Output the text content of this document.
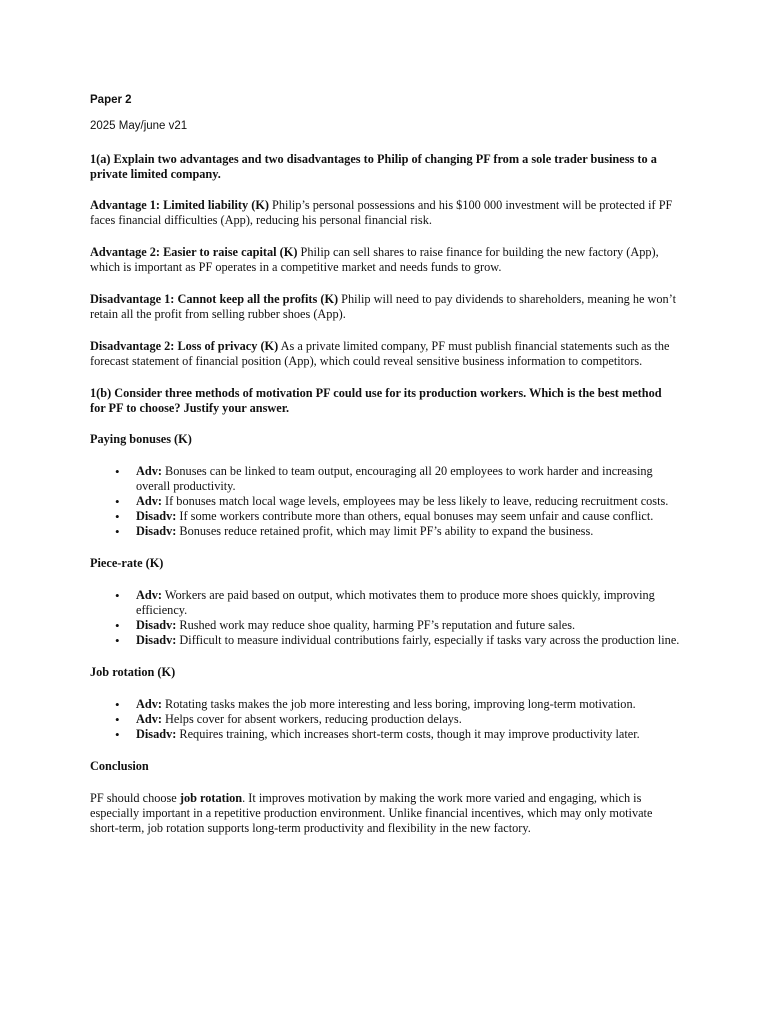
Paper 2

2025 May/june v21

1(a) Explain two advantages and two disadvantages to Philip of changing PF from a sole trader business to a private limited company.

Advantage 1: Limited liability (K) Philip’s personal possessions and his $100 000 investment will be protected if PF faces financial difficulties (App), reducing his personal financial risk.

Advantage 2: Easier to raise capital (K) Philip can sell shares to raise finance for building the new factory (App), which is important as PF operates in a competitive market and needs funds to grow.

Disadvantage 1: Cannot keep all the profits (K) Philip will need to pay dividends to shareholders, meaning he won’t retain all the profit from selling rubber shoes (App).

Disadvantage 2: Loss of privacy (K) As a private limited company, PF must publish financial statements such as the forecast statement of financial position (App), which could reveal sensitive business information to competitors.

1(b) Consider three methods of motivation PF could use for its production workers. Which is the best method for PF to choose? Justify your answer.

Paying bonuses (K)

• Adv: Bonuses can be linked to team output, encouraging all 20 employees to work harder and increasing overall productivity.
• Adv: If bonuses match local wage levels, employees may be less likely to leave, reducing recruitment costs.
• Disadv: If some workers contribute more than others, equal bonuses may seem unfair and cause conflict.
• Disadv: Bonuses reduce retained profit, which may limit PF’s ability to expand the business.

Piece-rate (K)

• Adv: Workers are paid based on output, which motivates them to produce more shoes quickly, improving efficiency.
• Disadv: Rushed work may reduce shoe quality, harming PF’s reputation and future sales.
• Disadv: Difficult to measure individual contributions fairly, especially if tasks vary across the production line.

Job rotation (K)

• Adv: Rotating tasks makes the job more interesting and less boring, improving long-term motivation.
• Adv: Helps cover for absent workers, reducing production delays.
• Disadv: Requires training, which increases short-term costs, though it may improve productivity later.

Conclusion

PF should choose job rotation. It improves motivation by making the work more varied and engaging, which is especially important in a repetitive production environment. Unlike financial incentives, which may only motivate short-term, job rotation supports long-term productivity and flexibility in the new factory.
